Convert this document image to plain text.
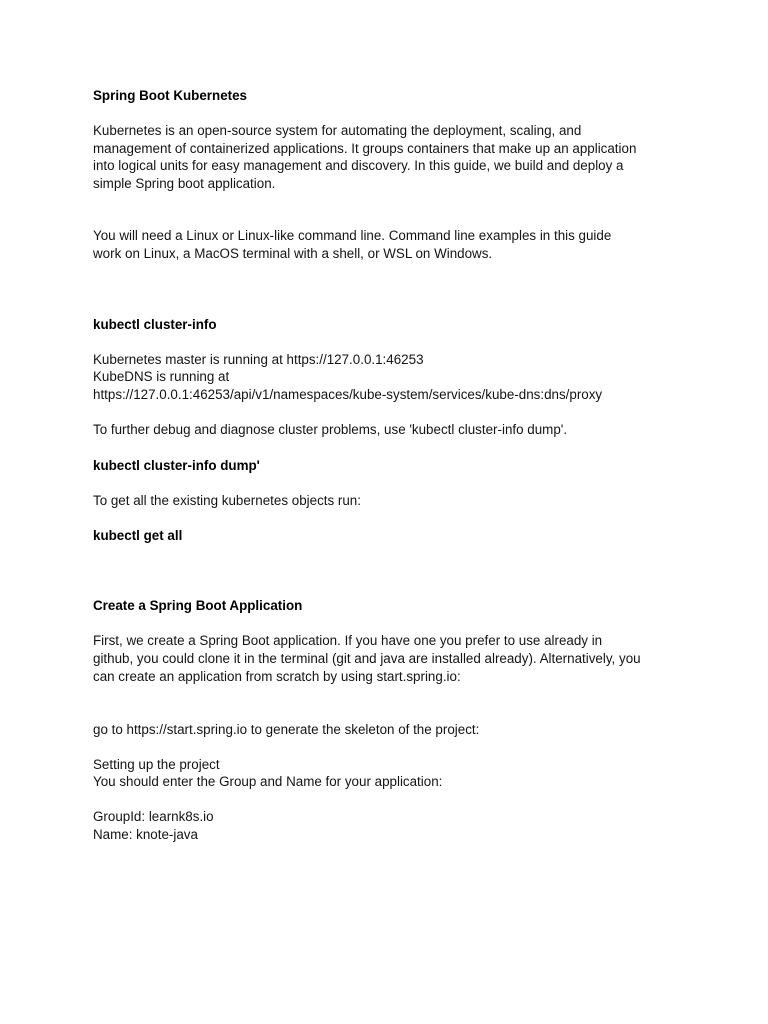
Spring Boot Kubernetes
Kubernetes is an open-source system for automating the deployment, scaling, and
management of containerized applications. It groups containers that make up an application
into logical units for easy management and discovery. In this guide, we build and deploy a
simple Spring boot application.
You will need a Linux or Linux-like command line. Command line examples in this guide
work on Linux, a MacOS terminal with a shell, or WSL on Windows.
kubectl cluster-info
Kubernetes master is running at https://127.0.0.1:46253
KubeDNS is running at
https://127.0.0.1:46253/api/v1/namespaces/kube-system/services/kube-dns:dns/proxy
To further debug and diagnose cluster problems, use 'kubectl cluster-info dump'.
kubectl cluster-info dump'
To get all the existing kubernetes objects run:
kubectl get all
Create a Spring Boot Application
First, we create a Spring Boot application. If you have one you prefer to use already in
github, you could clone it in the terminal (git and java are installed already). Alternatively, you
can create an application from scratch by using start.spring.io:
go to https://start.spring.io to generate the skeleton of the project:
Setting up the project
You should enter the Group and Name for your application:
GroupId: learnk8s.io
Name: knote-java
